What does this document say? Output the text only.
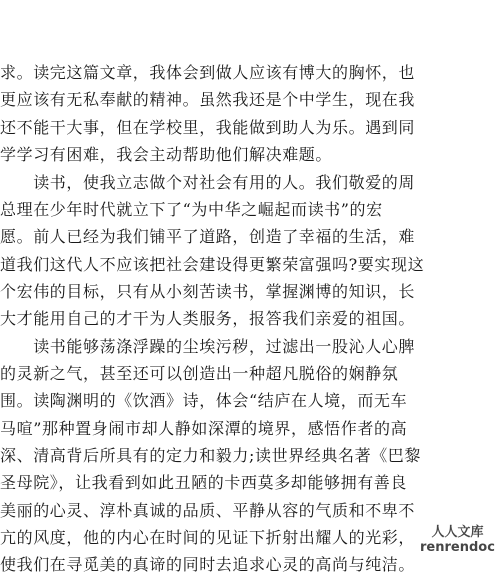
求。读完这篇文章，我体会到做人应该有博大的胸怀，也
更应该有无私奉献的精神。虽然我还是个中学生，现在我
还不能干大事，但在学校里，我能做到助人为乐。遇到同
学学习有困难，我会主动帮助他们解决难题。
　　读书，使我立志做个对社会有用的人。我们敬爱的周
总理在少年时代就立下了“为中华之崛起而读书”的宏
愿。前人已经为我们铺平了道路，创造了幸福的生活，难
道我们这代人不应该把社会建设得更繁荣富强吗?要实现这
个宏伟的目标，只有从小刻苦读书，掌握渊博的知识，长
大才能用自己的才干为人类服务，报答我们亲爱的祖国。
　　读书能够荡涤浮躁的尘埃污秽，过滤出一股沁人心脾
的灵新之气，甚至还可以创造出一种超凡脱俗的娴静氛
围。读陶渊明的《饮酒》诗，体会“结庐在人境，而无车
马喧”那种置身闹市却人静如深潭的境界，感悟作者的高
深、清高背后所具有的定力和毅力;读世界经典名著《巴黎
圣母院》，让我看到如此丑陋的卡西莫多却能够拥有善良
美丽的心灵、淳朴真诚的品质、平静从容的气质和不卑不
亢的风度，他的内心在时间的见证下折射出耀人的光彩，
使我们在寻觅美的真谛的同时去追求心灵的高尚与纯洁。
人人文库
renrendoc
